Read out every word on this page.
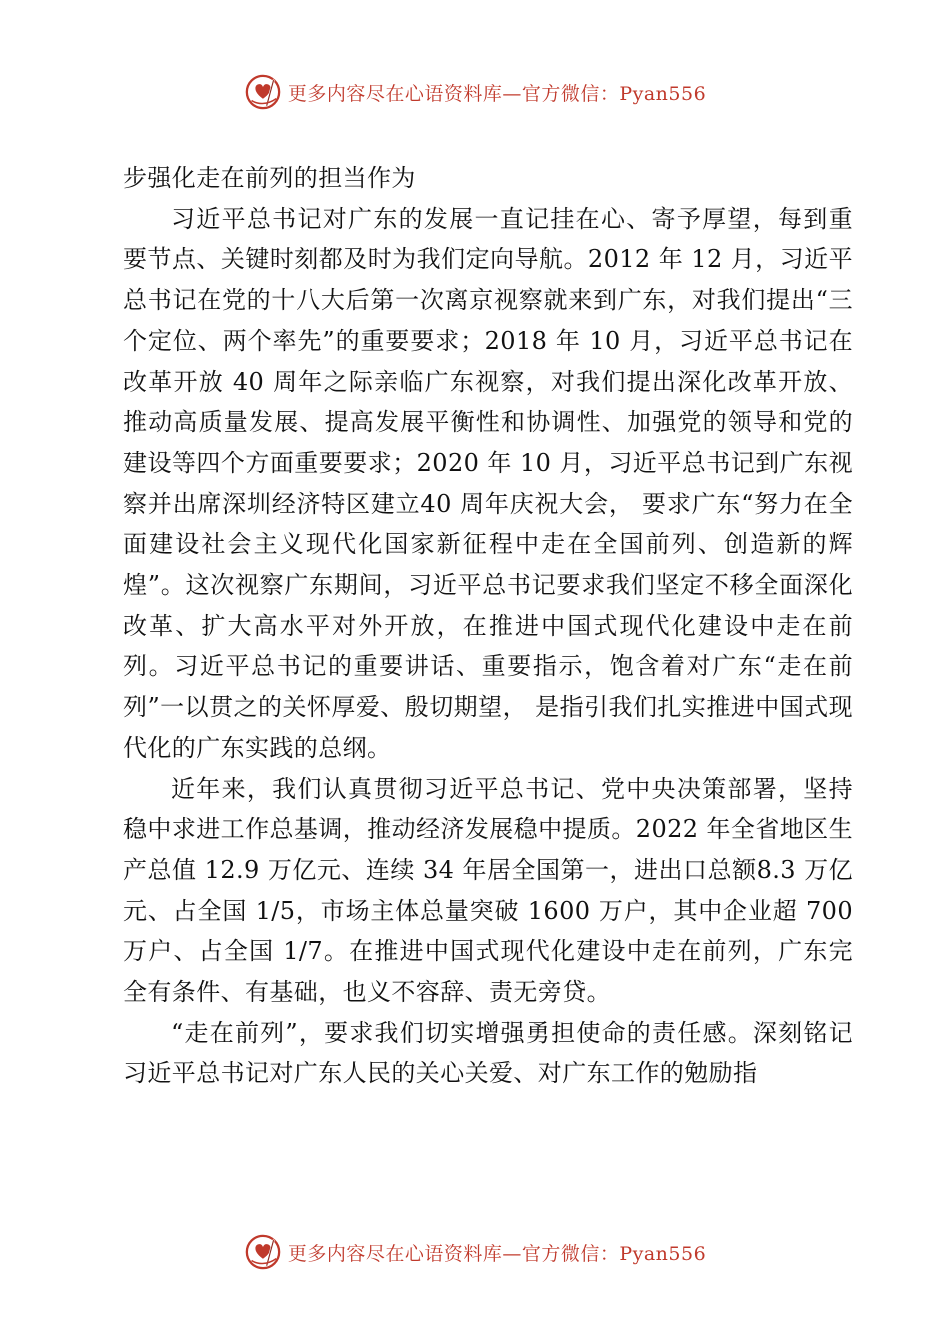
更多内容尽在心语资料库—官方微信：Pyan556

步强化走在前列的担当作为

习近平总书记对广东的发展一直记挂在心、寄予厚望，每到重要节点、关键时刻都及时为我们定向导航。2012 年 12 月，习近平总书记在党的十八大后第一次离京视察就来到广东，对我们提出“三个定位、两个率先”的重要要求；2018 年 10 月，习近平总书记在改革开放 40 周年之际亲临广东视察，对我们提出深化改革开放、推动高质量发展、提高发展平衡性和协调性、加强党的领导和党的建设等四个方面重要要求；2020 年 10 月，习近平总书记到广东视察并出席深圳经济特区建立40 周年庆祝大会， 要求广东“努力在全面建设社会主义现代化国家新征程中走在全国前列、创造新的辉煌”。这次视察广东期间，习近平总书记要求我们坚定不移全面深化改革、扩大高水平对外开放，在推进中国式现代化建设中走在前列。习近平总书记的重要讲话、重要指示，饱含着对广东“走在前列”一以贯之的关怀厚爱、殷切期望， 是指引我们扎实推进中国式现代化的广东实践的总纲。

近年来，我们认真贯彻习近平总书记、党中央决策部署，坚持稳中求进工作总基调，推动经济发展稳中提质。2022 年全省地区生产总值 12.9 万亿元、连续 34 年居全国第一，进出口总额8.3 万亿元、占全国 1/5，市场主体总量突破 1600 万户，其中企业超 700 万户、占全国 1/7。在推进中国式现代化建设中走在前列，广东完全有条件、有基础，也义不容辞、责无旁贷。

“走在前列”，要求我们切实增强勇担使命的责任感。深刻铭记习近平总书记对广东人民的关心关爱、对广东工作的勉励指

更多内容尽在心语资料库—官方微信：Pyan556
